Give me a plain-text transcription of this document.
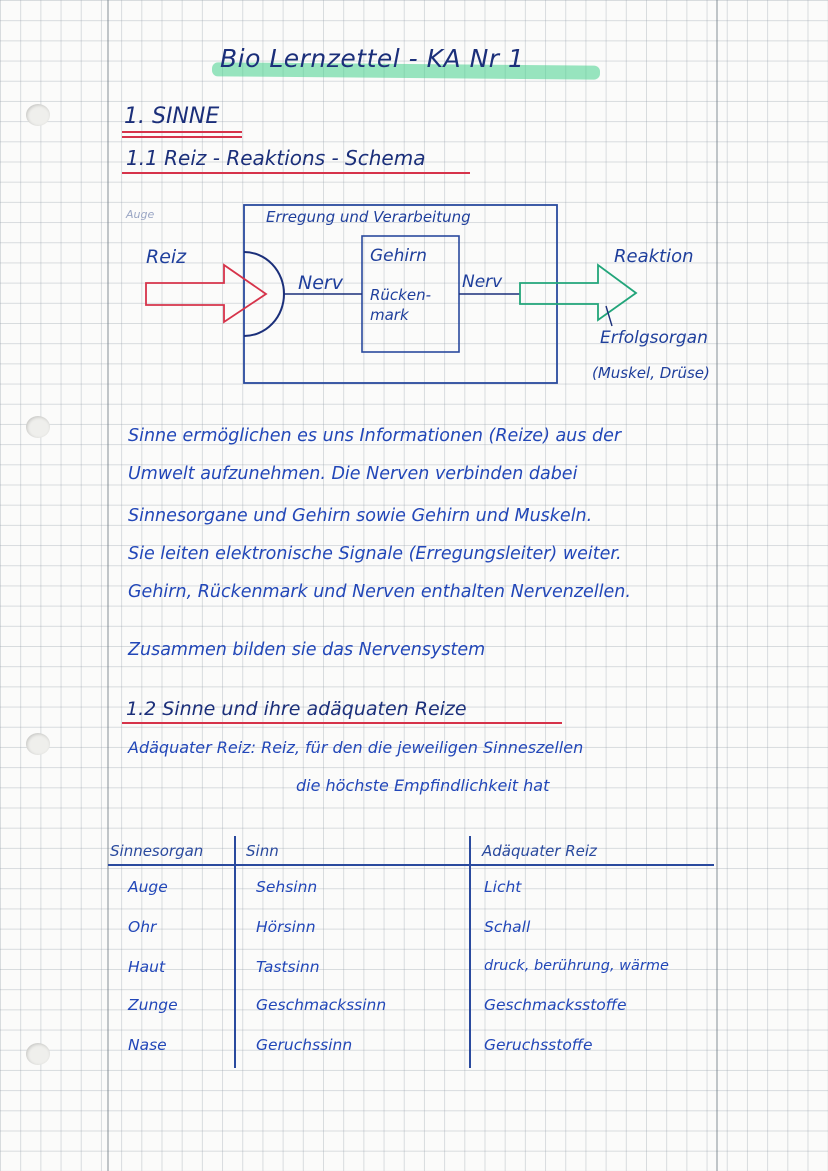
Bio Lernzettel - KA Nr 1
1. SINNE
1.1 Reiz - Reaktions - Schema
Auge
Reiz
Erregung und Verarbeitung
Nerv	Nerv
Gehirn
Rücken-
mark
Reaktion
Erfolgsorgan
(Muskel, Drüse)
Sinne ermöglichen es uns Informationen (Reize) aus der
Umwelt aufzunehmen. Die Nerven verbinden dabei
Sinnesorgane und Gehirn sowie Gehirn und Muskeln.
Sie leiten elektronische Signale (Erregungsleiter) weiter.
Gehirn, Rückenmark und Nerven enthalten Nervenzellen.
Zusammen bilden sie das Nervensystem
1.2 Sinne und ihre adäquaten Reize
Adäquater Reiz: Reiz, für den die jeweiligen Sinneszellen
die höchste Empfindlichkeit hat
Sinnesorgan	Sinn	Adäquater Reiz
Auge	Sehsinn	Licht
Ohr	Hörsinn	Schall
Haut	Tastsinn	druck, berührung, wärme
Zunge	Geschmackssinn	Geschmacksstoffe
Nase	Geruchssinn	Geruchsstoffe
